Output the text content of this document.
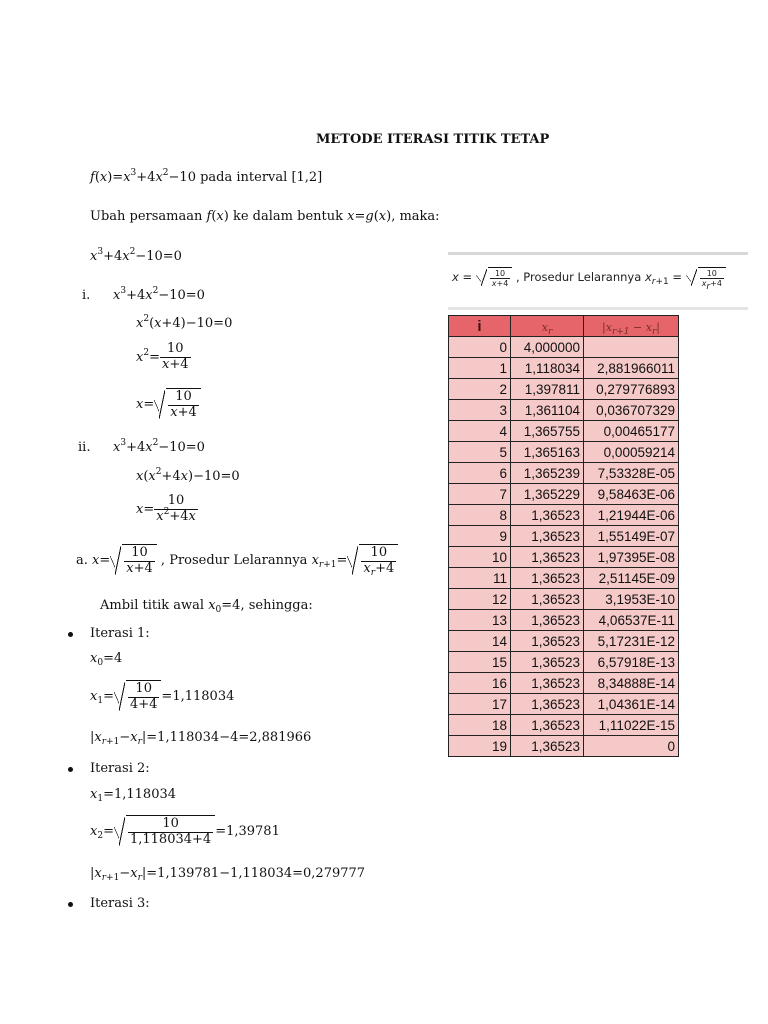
METODE ITERASI TITIK TETAP
$f(x)=x^3+4x^2-10$ pada interval [1,2]
Ubah persamaan f(x) ke dalam bentuk x=g(x), maka:
$x^3+4x^2-10=0$
i. $x^3+4x^2-10=0$
$x^2(x+4)-10=0$
$x^2= \frac{10}{x+4}$
$x= \frac{10}{x+4}$
ii. $x^3+4x^2-10=0$
$x(x^2+4x)-10=0$
$x= \frac{10}{x^2+4x}$
a. $x= \frac{10}{x+4}$ , Prosedur Lelarannya $x_{r+1}= \frac{10}{x_r+4}$
Ambil titik awal $x_0=4$, sehingga:
Iterasi 1:
$x_0=4$
$x_1= \frac{10}{4+4} =1,118034$
$|x_{r+1}-x_r|=1,118034-4=2,881966$
Iterasi 2:
$x_1=1,118034$
$x_2= \frac{10}{1,118034+4} =1,39781$
$|x_{r+1}-x_r|=1,139781-1,118034=0,279777$
Iterasi 3:
$x = \frac{10}{x+4}$ , Prosedur Lelarannya $x_{r+1} = \frac{10}{x_r+4}$
i	$x_r$	$|x_{r+1} - x_r|$
0	4,000000	
1	1,118034	2,881966011
2	1,397811	0,279776893
3	1,361104	0,036707329
4	1,365755	0,00465177
5	1,365163	0,00059214
6	1,365239	7,53328E-05
7	1,365229	9,58463E-06
8	1,36523	1,21944E-06
9	1,36523	1,55149E-07
10	1,36523	1,97395E-08
11	1,36523	2,51145E-09
12	1,36523	3,1953E-10
13	1,36523	4,06537E-11
14	1,36523	5,17231E-12
15	1,36523	6,57918E-13
16	1,36523	8,34888E-14
17	1,36523	1,04361E-14
18	1,36523	1,11022E-15
19	1,36523	0
